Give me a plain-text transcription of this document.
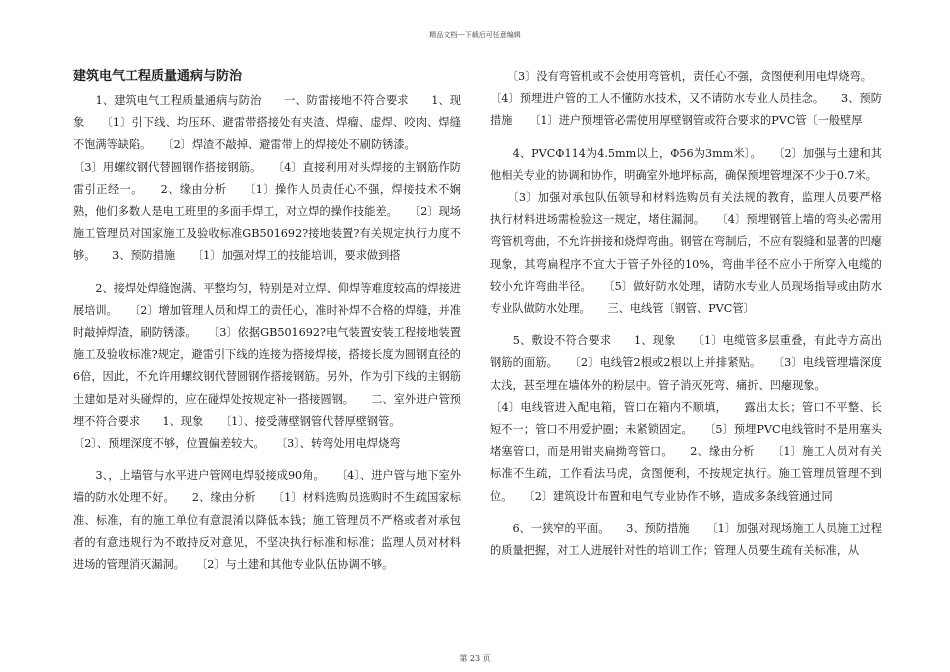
精品文档---下载后可任意编辑
建筑电气工程质量通病与防治

　　1、建筑电气工程质量通病与防治　　一、防雷接地不符合要求　　1、现象　　〔1〕引下线、均压环、避雷带搭接处有夹渣、焊瘤、虚焊、咬肉、焊缝不饱满等缺陷。　　〔2〕焊渣不敲掉、避雷带上的焊接处不刷防锈漆。

〔3〕用螺纹钢代替圆钢作搭接钢筋。　　〔4〕直接利用对头焊接的主钢筋作防雷引正经一。　　2、缘由分析　　〔1〕操作人员责任心不强，焊接技术不娴熟，他们多数人是电工班里的多面手焊工，对立焊的操作技能差。　　〔2〕现场施工管理员对国家施工及验收标准GB501692?接地装置?有关规定执行力度不够。　　3、预防措施　　〔1〕加强对焊工的技能培训，要求做到搭

　　2、接焊处焊缝饱满、平整均匀，特别是对立焊、仰焊等难度较高的焊接进展培训。　　〔2〕增加管理人员和焊工的责任心，准时补焊不合格的焊缝，并准时敲掉焊渣，刷防锈漆。　　〔3〕依据GB501692?电气装置安装工程接地装置施工及验收标准?规定，避雷引下线的连接为搭接焊接，搭接长度为圆钢直径的6倍，因此，不允许用螺纹钢代替圆钢作搭接钢筋。另外，作为引下线的主钢筋土建如是对头碰焊的，应在碰焊处按规定补一搭接圆钢。　　二、室外进户管预埋不符合要求　　1、现象　　〔1〕、接受薄壁钢管代替厚壁钢管。

〔2〕、预埋深度不够，位置偏差较大。　　〔3〕、转弯处用电焊烧弯

　　3、，上墙管与水平进户管网电焊驳接成90角。　　〔4〕、进户管与地下室外墙的防水处理不好。　　2、缘由分析　　〔1〕材料选购员选购时不生疏国家标准、标准，有的施工单位有意混淆以降低本钱；施工管理员不严格或者对承包者的有意违规行为不敢持反对意见，不坚决执行标准和标准；监理人员对材料进场的管理消灭漏洞。　　〔2〕与土建和其他专业队伍协调不够。

　　〔3〕没有弯管机或不会使用弯管机，责任心不强，贪图便利用电焊烧弯。

〔4〕预埋进户管的工人不懂防水技术，又不请防水专业人员挂念。　　3、预防措施　　〔1〕进户预埋管必需使用厚壁钢管或符合要求的PVC管〔一般壁厚

　　4、PVCΦ114为4.5mm以上，Φ56为3mm米〕。　　〔2〕加强与土建和其他相关专业的协调和协作，明确室外地坪标高，确保预埋管埋深不少于0.7米。

　　〔3〕加强对承包队伍领导和材料选购员有关法规的教育，监理人员要严格执行材料进场需检验这一规定，堵住漏洞。　　〔4〕预埋钢管上墙的弯头必需用弯管机弯曲，不允许拼接和烧焊弯曲。钢管在弯制后，不应有裂缝和显著的凹瘪现象，其弯扁程序不宜大于管子外径的10%，弯曲半径不应小于所穿入电缆的较小允许弯曲半径。　　〔5〕做好防水处理，请防水专业人员现场指导或由防水专业队做防水处理。　　三、电线管〔钢管、PVC管〕

　　5、敷设不符合要求　　1、现象　　〔1〕电缆管多层重叠，有此寺方高出钢筋的面筋。　　〔2〕电线管2根或2根以上并排紧贴。　　〔3〕电线管埋墙深度太浅，甚至埋在墙体外的粉层中。管子消灭死弯、痛折、凹瘪现象。

〔4〕电线管进入配电箱，管口在箱内不顺填，　　露出太长；管口不平整、长短不一；管口不用爱护圈；未紧锁固定。　　〔5〕预埋PVC电线管时不是用塞头堵塞管口，而是用钳夹扁拗弯管口。　　2、缘由分析　　〔1〕施工人员对有关标准不生疏，工作看法马虎，贪图便利，不按规定执行。施工管理员管理不到位。　　〔2〕建筑设计布置和电气专业协作不够，造成多条线管通过同

　　6、一狭窄的平面。　　3、预防措施　　〔1〕加强对现场施工人员施工过程的质量把握，对工人进展针对性的培训工作；管理人员要生疏有关标准，从

第 23 页
